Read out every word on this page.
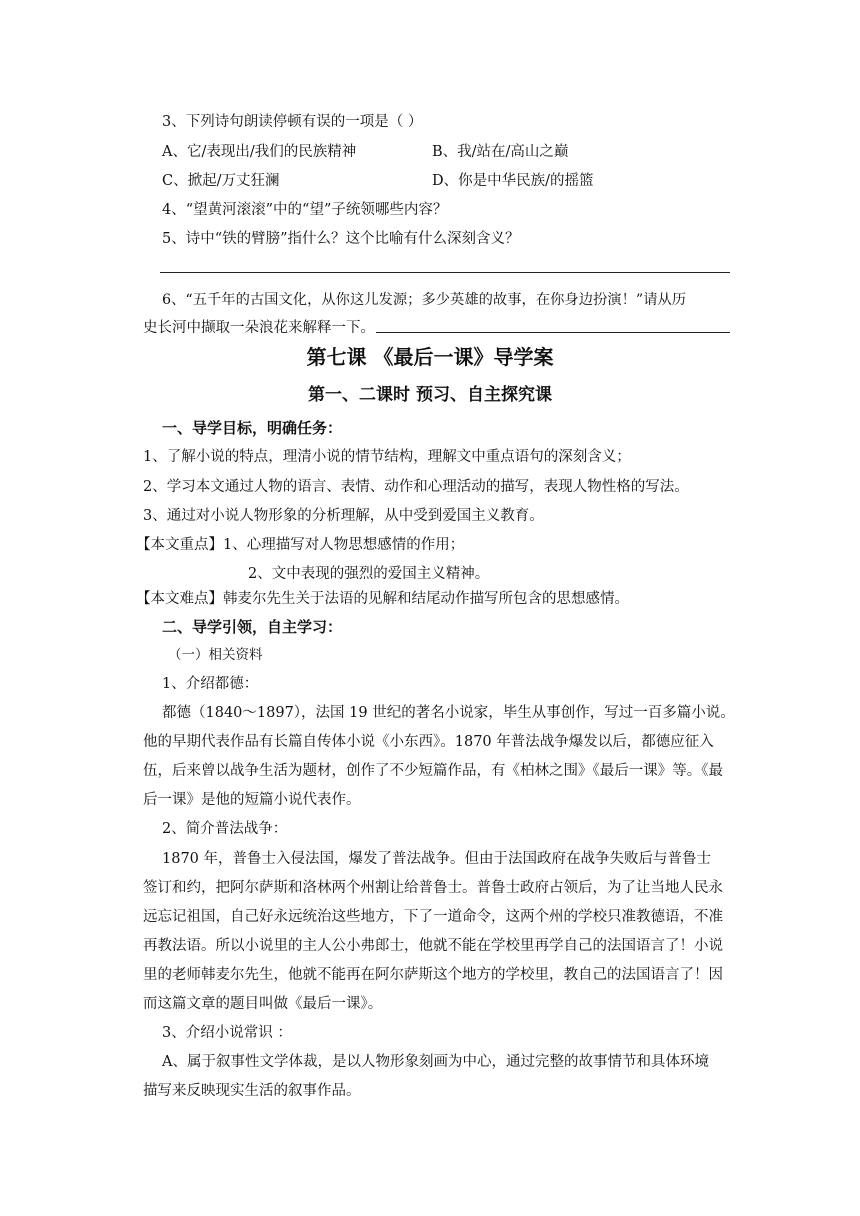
3、下列诗句朗读停顿有误的一项是（ ）
A、它/表现出/我们的民族精神	B、我/站在/高山之巅
C、掀起/万丈狂澜	D、你是中华民族/的摇篮
4、“望黄河滚滚”中的“望”子统领哪些内容？
5、诗中“铁的臂膀”指什么？这个比喻有什么深刻含义？
6、“五千年的古国文化，从你这儿发源；多少英雄的故事，在你身边扮演！”请从历
史长河中撷取一朵浪花来解释一下。
第七课 《最后一课》导学案
第一、二课时 预习、自主探究课
一、导学目标，明确任务：
1、了解小说的特点，理清小说的情节结构，理解文中重点语句的深刻含义；
2、学习本文通过人物的语言、表情、动作和心理活动的描写，表现人物性格的写法。
3、通过对小说人物形象的分析理解，从中受到爱国主义教育。
【本文重点】1、心理描写对人物思想感情的作用；
2、文中表现的强烈的爱国主义精神。
【本文难点】韩麦尔先生关于法语的见解和结尾动作描写所包含的思想感情。
二、导学引领，自主学习：
（一）相关资料
1、介绍都德：
都德（1840～1897），法国 19 世纪的著名小说家，毕生从事创作，写过一百多篇小说。
他的早期代表作品有长篇自传体小说《小东西》。1870 年普法战争爆发以后，都德应征入
伍，后来曾以战争生活为题材，创作了不少短篇作品，有《柏林之围》《最后一课》等。《最
后一课》是他的短篇小说代表作。
2、简介普法战争：
1870 年，普鲁士入侵法国，爆发了普法战争。但由于法国政府在战争失败后与普鲁士
签订和约，把阿尔萨斯和洛林两个州割让给普鲁士。普鲁士政府占领后，为了让当地人民永
远忘记祖国，自己好永远统治这些地方，下了一道命令，这两个州的学校只准教德语，不准
再教法语。所以小说里的主人公小弗郎士，他就不能在学校里再学自己的法国语言了！小说
里的老师韩麦尔先生，他就不能再在阿尔萨斯这个地方的学校里，教自己的法国语言了！因
而这篇文章的题目叫做《最后一课》。
3、介绍小说常识 ：
A、属于叙事性文学体裁，是以人物形象刻画为中心，通过完整的故事情节和具体环境
描写来反映现实生活的叙事作品。
